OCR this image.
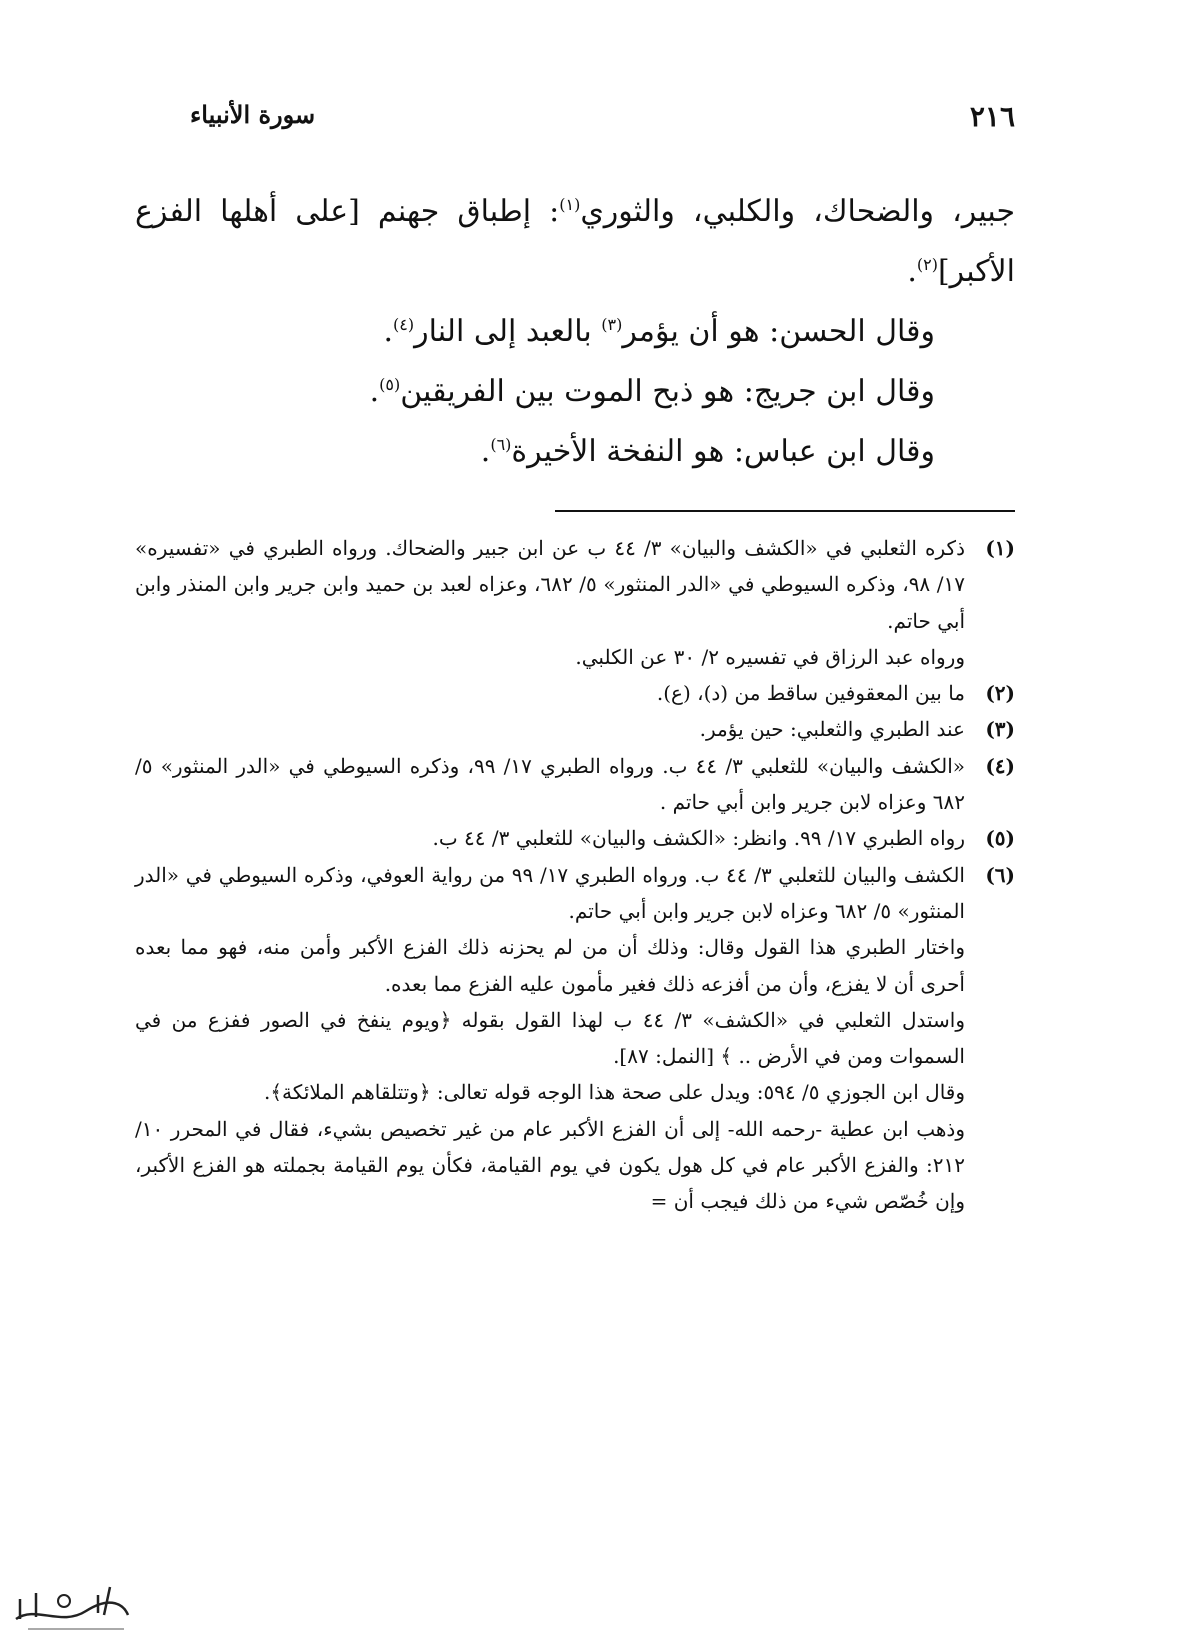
٢١٦
سورة الأنبياء

جبير، والضحاك، والكلبي، والثوري$^{(١)}$: إطباق جهنم [على أهلها الفزع الأكبر]$^{(٢)}$.

وقال الحسن: هو أن يؤمر$^{(٣)}$ بالعبد إلى النار$^{(٤)}$.

وقال ابن جريج: هو ذبح الموت بين الفريقين$^{(٥)}$.

وقال ابن عباس: هو النفخة الأخيرة$^{(٦)}$.

(١)

ذكره الثعلبي في «الكشف والبيان» ٣/ ٤٤ ب عن ابن جبير والضحاك. ورواه الطبري في «تفسيره» ١٧/ ٩٨، وذكره السيوطي في «الدر المنثور» ٥/ ٦٨٢، وعزاه لعبد بن حميد وابن جرير وابن المنذر وابن أبي حاتم.

ورواه عبد الرزاق في تفسيره ٢/ ٣٠ عن الكلبي.

(٢)

ما بين المعقوفين ساقط من (د)، (ع).

(٣)

عند الطبري والثعلبي: حين يؤمر.

(٤)

«الكشف والبيان» للثعلبي ٣/ ٤٤ ب. ورواه الطبري ١٧/ ٩٩، وذكره السيوطي في «الدر المنثور» ٥/ ٦٨٢ وعزاه لابن جرير وابن أبي حاتم .

(٥)

رواه الطبري ١٧/ ٩٩. وانظر: «الكشف والبيان» للثعلبي ٣/ ٤٤ ب.

(٦)

الكشف والبيان للثعلبي ٣/ ٤٤ ب. ورواه الطبري ١٧/ ٩٩ من رواية العوفي، وذكره السيوطي في «الدر المنثور» ٥/ ٦٨٢ وعزاه لابن جرير وابن أبي حاتم.

واختار الطبري هذا القول وقال: وذلك أن من لم يحزنه ذلك الفزع الأكبر وأمن منه، فهو مما بعده أحرى أن لا يفزع، وأن من أفزعه ذلك فغير مأمون عليه الفزع مما بعده.

واستدل الثعلبي في «الكشف» ٣/ ٤٤ ب لهذا القول بقوله ﴿ويوم ينفخ في الصور ففزع من في السموات ومن في الأرض .. ﴾ [النمل: ٨٧].

وقال ابن الجوزي ٥/ ٥٩٤: ويدل على صحة هذا الوجه قوله تعالى: ﴿وتتلقاهم الملائكة﴾.

وذهب ابن عطية -رحمه الله- إلى أن الفزع الأكبر عام من غير تخصيص بشيء، فقال في المحرر ١٠/ ٢١٢: والفزع الأكبر عام في كل هول يكون في يوم القيامة، فكأن يوم القيامة بجملته هو الفزع الأكبر، وإن خُصّص شيء من ذلك فيجب أن =
